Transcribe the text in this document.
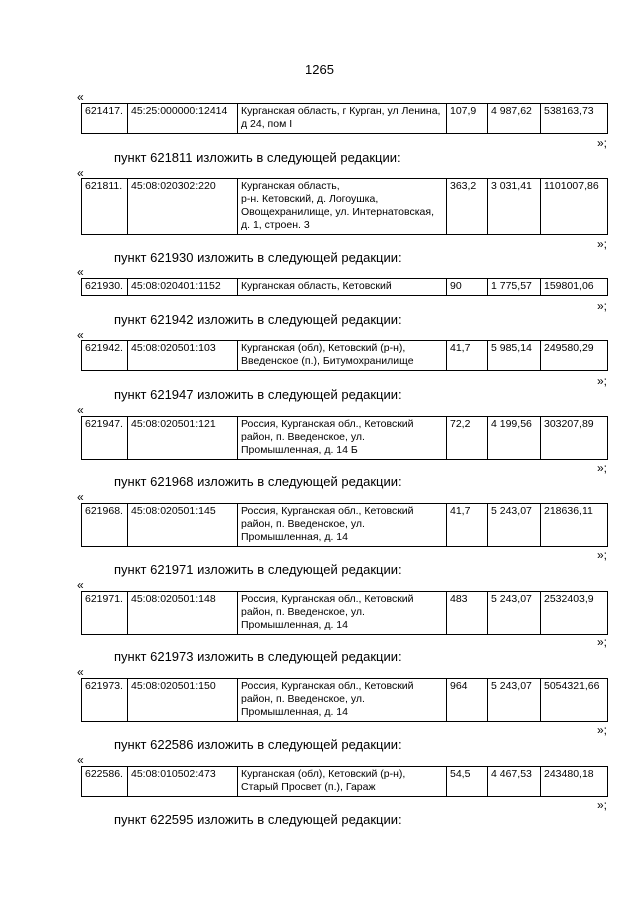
1265
«
621417.	45:25:000000:12414	Курганская область, г Курган, ул Ленина, д 24, пом I	107,9	4 987,62	538163,73
»;
пункт 621811 изложить в следующей редакции:
«
621811.	45:08:020302:220	Курганская область,
р-н. Кетовский, д. Логоушка, Овощехранилище, ул. Интернатовская, д. 1, строен. 3	363,2	3 031,41	1101007,86
»;
пункт 621930 изложить в следующей редакции:
«
621930.	45:08:020401:1152	Курганская область, Кетовский	90	1 775,57	159801,06
»;
пункт 621942 изложить в следующей редакции:
«
621942.	45:08:020501:103	Курганская (обл), Кетовский (р-н), Введенское (п.), Битумохранилище	41,7	5 985,14	249580,29
»;
пункт 621947 изложить в следующей редакции:
«
621947.	45:08:020501:121	Россия, Курганская обл., Кетовский район, п. Введенское, ул. Промышленная, д. 14 Б	72,2	4 199,56	303207,89
»;
пункт 621968 изложить в следующей редакции:
«
621968.	45:08:020501:145	Россия, Курганская обл., Кетовский район, п. Введенское, ул. Промышленная, д. 14	41,7	5 243,07	218636,11
»;
пункт 621971 изложить в следующей редакции:
«
621971.	45:08:020501:148	Россия, Курганская обл., Кетовский район, п. Введенское, ул. Промышленная, д. 14	483	5 243,07	2532403,9
»;
пункт 621973 изложить в следующей редакции:
«
621973.	45:08:020501:150	Россия, Курганская обл., Кетовский район, п. Введенское, ул. Промышленная, д. 14	964	5 243,07	5054321,66
»;
пункт 622586 изложить в следующей редакции:
«
622586.	45:08:010502:473	Курганская (обл), Кетовский (р-н), Старый Просвет (п.), Гараж	54,5	4 467,53	243480,18
»;
пункт 622595 изложить в следующей редакции:
